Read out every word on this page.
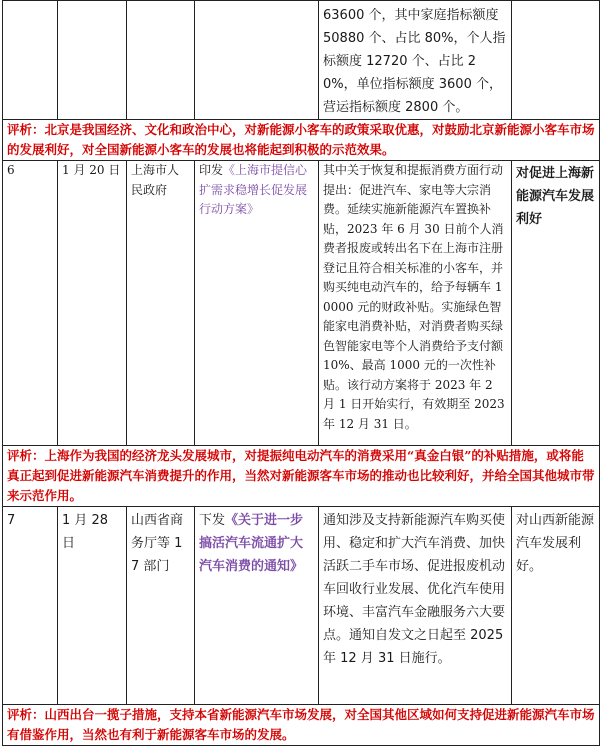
				63600 个，其中家庭指标额度 50880 个、占比 80%，个人指标额度 12720 个、占比 20%，单位指标额度 3600 个，营运指标额度 2800 个。	
评析：北京是我国经济、文化和政治中心，对新能源小客车的政策采取优惠，对鼓励北京新能源小客车市场的发展利好，对全国新能源小客车的发展也将能起到积极的示范效果。					
6	1 月 20 日	上海市人民政府	印发《上海市提信心扩需求稳增长促发展行动方案》	其中关于恢复和提振消费方面行动提出：促进汽车、家电等大宗消费。延续实施新能源汽车置换补贴，2023 年 6 月 30 日前个人消费者报废或转出名下在上海市注册登记且符合相关标准的小客车，并购买纯电动汽车的，给予每辆车 10000 元的财政补贴。实施绿色智能家电消费补贴，对消费者购买绿色智能家电等个人消费给予支付额 10%、最高 1000 元的一次性补贴。该行动方案将于 2023 年 2 月 1 日开始实行，有效期至 2023 年 12 月 31 日。	对促进上海新能源汽车发展利好
评析：上海作为我国的经济龙头发展城市，对提振纯电动汽车的消费采用“真金白银”的补贴措施，或将能真正起到促进新能源汽车消费提升的作用，当然对新能源客车市场的推动也比较利好，并给全国其他城市带来示范作用。					
7	1 月 28 日	山西省商务厅等 17 部门	下发《关于进一步搞活汽车流通扩大汽车消费的通知》	通知涉及支持新能源汽车购买使用、稳定和扩大汽车消费、加快活跃二手车市场、促进报废机动车回收行业发展、优化汽车使用环境、丰富汽车金融服务六大要点。通知自发文之日起至 2025 年 12 月 31 日施行。	对山西新能源汽车发展利好。
评析：山西出台一揽子措施，支持本省新能源汽车市场发展，对全国其他区域如何支持促进新能源汽车市场有借鉴作用，当然也有利于新能源客车市场的发展。					
